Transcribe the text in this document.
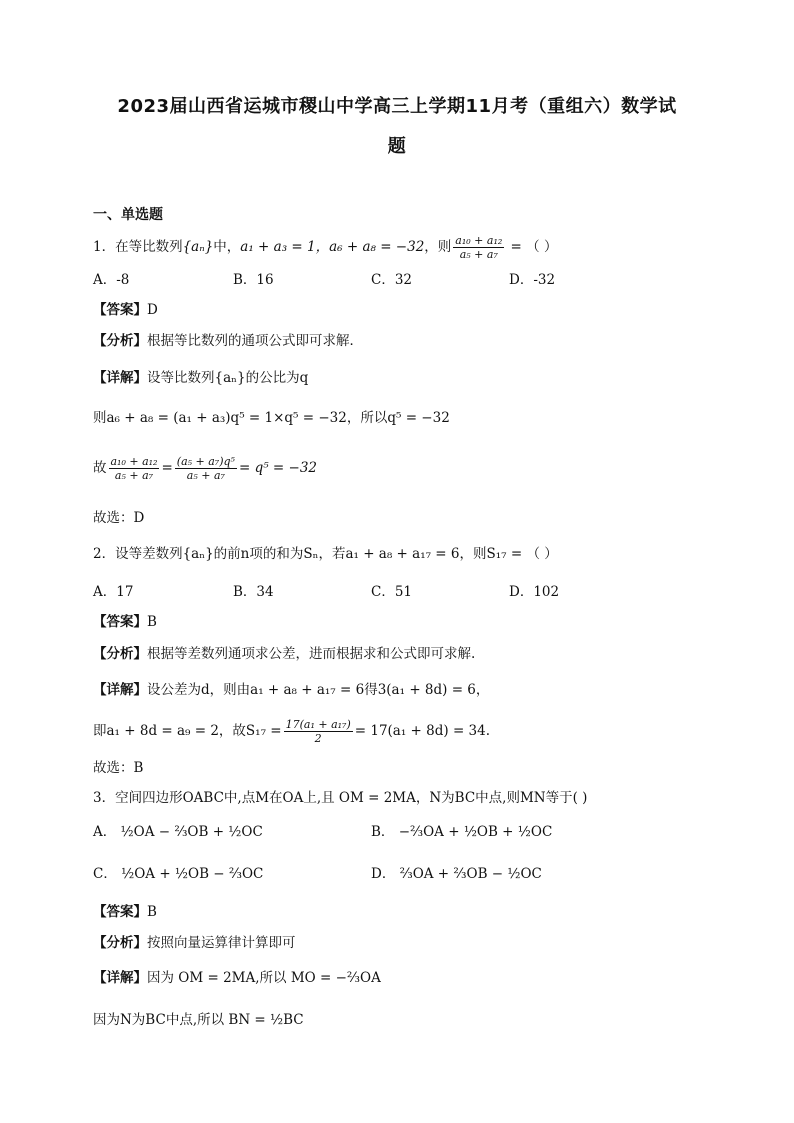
2023届山西省运城市稷山中学高三上学期11月考（重组六）数学试
题
一、单选题
1．在等比数列{aₙ}中，a₁ + a₃ = 1，a₆ + a₈ = −32，则 $\frac{\text{a₁₀ + a₁₂}}{\text{a₅ + a₇}}$ = （ ）
A．-8	B．16	C．32	D．-32
【答案】D
【分析】根据等比数列的通项公式即可求解．
【详解】设等比数列{aₙ}的公比为q
则a₆ + a₈ = (a₁ + a₃)q⁵ = 1×q⁵ = −32，所以q⁵ = −32
故 $\frac{\text{a₁₀ + a₁₂}}{\text{a₅ + a₇}} = \frac{\text{(a₅ + a₇)q⁵}}{\text{a₅ + a₇}} = q^5 = -32$
故选：D
2．设等差数列{aₙ}的前n项的和为Sₙ，若a₁ + a₈ + a₁₇ = 6，则S₁₇ = （ ）
A．17	B．34	C．51	D．102
【答案】B
【分析】根据等差数列通项求公差，进而根据求和公式即可求解.
【详解】设公差为d，则由a₁ + a₈ + a₁₇ = 6得3(a₁ + 8d) = 6，
即a₁ + 8d = a₉ = 2，故$S_{17} = \frac{\text{17(a₁ + a₁₇)}}{2} = 17(a_1 + 8d) = 34$.
故选：B
3．空间四边形OABC中,点M在OA上,且 OM = 2MA，N为BC中点,则MN等于( )
A． ½OA − ⅔OB + ½OC	B． −⅔OA + ½OB + ½OC
C． ½OA + ½OB − ⅔OC	D． ⅔OA + ⅔OB − ½OC
【答案】B
【分析】按照向量运算律计算即可
【详解】因为 OM = 2MA,所以 MO = −⅔OA
因为N为BC中点,所以 BN = ½BC
